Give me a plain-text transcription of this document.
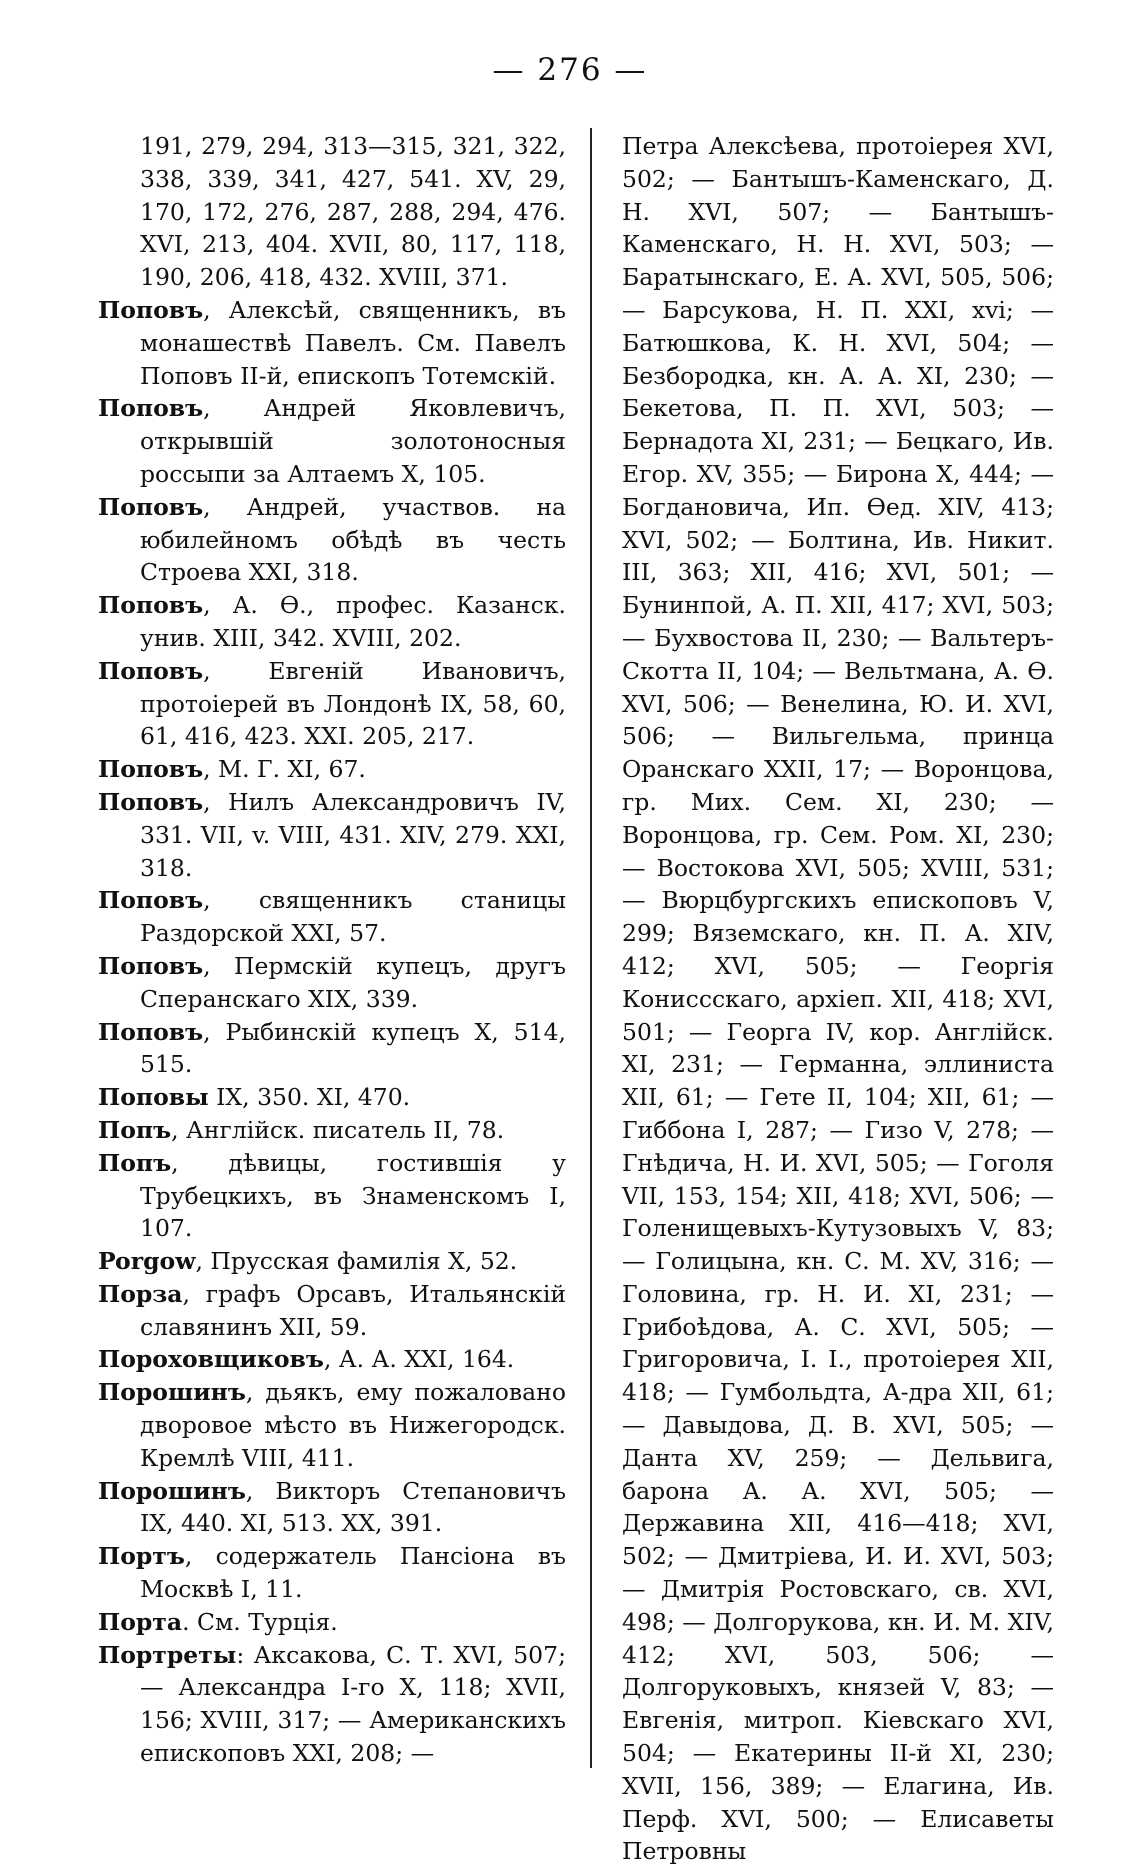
— 276 —

191, 279, 294, 313—315, 321, 322, 338, 339, 341, 427, 541. XV, 29, 170, 172, 276, 287, 288, 294, 476. XVI, 213, 404. XVII, 80, 117, 118, 190, 206, 418, 432. XVIII, 371.

Поповъ, Алексѣй, священникъ, въ монашествѣ Павелъ. См. Павелъ Поповъ II-й, епископъ Тотемскій.

Поповъ, Андрей Яковлевичъ, открывшій золотоносныя россыпи за Алтаемъ X, 105.

Поповъ, Андрей, участвов. на юбилейномъ обѣдѣ въ честь Строева XXI, 318.

Поповъ, А. Ѳ., профес. Казанск. унив. XIII, 342. XVIII, 202.

Поповъ, Евгеній Ивановичъ, протоіерей въ Лондонѣ IX, 58, 60, 61, 416, 423. XXI. 205, 217.

Поповъ, М. Г. XI, 67.

Поповъ, Нилъ Александровичъ IV, 331. VII, v. VIII, 431. XIV, 279. XXI, 318.

Поповъ, священникъ станицы Раздорской XXI, 57.

Поповъ, Пермскій купецъ, другъ Сперанскаго XIX, 339.

Поповъ, Рыбинскій купецъ X, 514, 515.

Поповы IX, 350. XI, 470.

Попъ, Англійск. писатель II, 78.

Попъ, дѣвицы, гостившія у Трубецкихъ, въ Знаменскомъ I, 107.

Porgow, Прусская фамилія X, 52.

Порза, графъ Орсавъ, Итальянскій славянинъ XII, 59.

Пороховщиковъ, А. А. XXI, 164.

Порошинъ, дьякъ, ему пожаловано дворовое мѣсто въ Нижегородск. Кремлѣ VIII, 411.

Порошинъ, Викторъ Степановичъ IX, 440. XI, 513. XX, 391.

Портъ, содержатель Пансіона въ Москвѣ I, 11.

Порта. См. Турція.

Портреты: Аксакова, С. Т. XVI, 507; — Александра I-го X, 118; XVII, 156; XVIII, 317; — Американскихъ епископовъ XXI, 208; —

Петра Алексѣева, протоіерея XVI, 502; — Бантышъ-Каменскаго, Д. Н. XVI, 507; — Бантышъ-Каменскаго, Н. Н. XVI, 503; — Баратынскаго, Е. А. XVI, 505, 506; — Барсукова, Н. П. XXI, xvi; — Батюшкова, К. Н. XVI, 504; — Безбородка, кн. А. А. XI, 230; — Бекетова, П. П. XVI, 503; — Бернадота XI, 231; — Бецкаго, Ив. Егор. XV, 355; — Бирона X, 444; — Богдановича, Ип. Ѳед. XIV, 413; XVI, 502; — Болтина, Ив. Никит. III, 363; XII, 416; XVI, 501; — Бунинпой, А. П. XII, 417; XVI, 503; — Бухвостова II, 230; — Вальтеръ-Скотта II, 104; — Вельтмана, А. Ѳ. XVI, 506; — Венелина, Ю. И. XVI, 506; — Вильгельма, принца Оранскаго XXII, 17; — Воронцова, гр. Мих. Сем. XI, 230; — Воронцова, гр. Сем. Ром. XI, 230; — Востокова XVI, 505; XVIII, 531; — Вюрцбургскихъ епископовъ V, 299; Вяземскаго, кн. П. А. XIV, 412; XVI, 505; — Георгія Кониссскаго, архіеп. XII, 418; XVI, 501; — Георга IV, кор. Англійск. XI, 231; — Германна, эллиниста XII, 61; — Гете II, 104; XII, 61; — Гиббона I, 287; — Гизо V, 278; — Гнѣдича, Н. И. XVI, 505; — Гоголя VII, 153, 154; XII, 418; XVI, 506; — Голенищевыхъ-Кутузовыхъ V, 83; — Голицына, кн. С. М. XV, 316; — Головина, гр. Н. И. XI, 231; — Грибоѣдова, А. С. XVI, 505; — Григоровича, I. I., протоіерея XII, 418; — Гумбольдта, А-дра XII, 61; — Давыдова, Д. В. XVI, 505; — Данта XV, 259; — Дельвига, барона А. А. XVI, 505; — Державина XII, 416—418; XVI, 502; — Дмитріева, И. И. XVI, 503; — Дмитрія Ростовскаго, св. XVI, 498; — Долгорукова, кн. И. М. XIV, 412; XVI, 503, 506; — Долгоруковыхъ, князей V, 83; — Евгенія, митроп. Кіевскаго XVI, 504; — Екатерины II-й XI, 230; XVII, 156, 389; — Елагина, Ив. Перф. XVI, 500; — Елисаветы Петровны
